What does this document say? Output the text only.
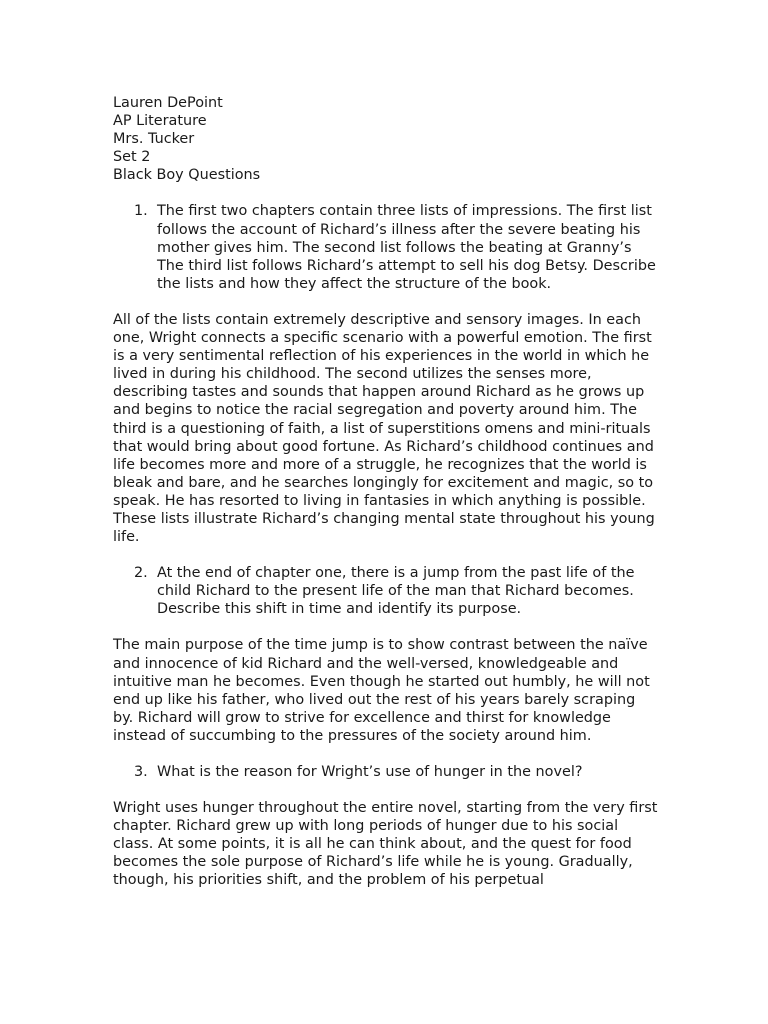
Lauren DePoint
AP Literature
Mrs. Tucker
Set 2
Black Boy Questions
1. The first two chapters contain three lists of impressions. The first list follows the account of Richard’s illness after the severe beating his mother gives him. The second list follows the beating at Granny’s The third list follows Richard’s attempt to sell his dog Betsy. Describe the lists and how they affect the structure of the book.

All of the lists contain extremely descriptive and sensory images. In each one, Wright connects a specific scenario with a powerful emotion. The first is a very sentimental reflection of his experiences in the world in which he lived in during his childhood. The second utilizes the senses more, describing tastes and sounds that happen around Richard as he grows up and begins to notice the racial segregation and poverty around him. The third is a questioning of faith, a list of superstitions omens and mini-rituals that would bring about good fortune. As Richard’s childhood continues and life becomes more and more of a struggle, he recognizes that the world is bleak and bare, and he searches longingly for excitement and magic, so to speak. He has resorted to living in fantasies in which anything is possible. These lists illustrate Richard’s changing mental state throughout his young life.

2. At the end of chapter one, there is a jump from the past life of the child Richard to the present life of the man that Richard becomes. Describe this shift in time and identify its purpose.

The main purpose of the time jump is to show contrast between the naïve and innocence of kid Richard and the well-versed, knowledgeable and intuitive man he becomes. Even though he started out humbly, he will not end up like his father, who lived out the rest of his years barely scraping by. Richard will grow to strive for excellence and thirst for knowledge instead of succumbing to the pressures of the society around him.

3. What is the reason for Wright’s use of hunger in the novel?

Wright uses hunger throughout the entire novel, starting from the very first chapter. Richard grew up with long periods of hunger due to his social class. At some points, it is all he can think about, and the quest for food becomes the sole purpose of Richard’s life while he is young. Gradually, though, his priorities shift, and the problem of his perpetual
